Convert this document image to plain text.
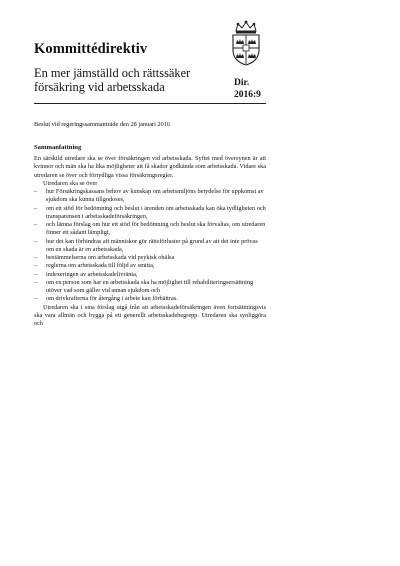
Kommittédirektiv
En mer jämställd och rättssäker försäkring vid arbetsskada	Dir.
2016:9
Beslut vid regeringssammanträde den 28 januari 2016
Sammanfattning

En särskild utredare ska se över försäkringen vid arbetsskada. Syftet med översynen är att kvinnor och män ska ha lika möjligheter att få skador godkända som arbetsskada. Vidare ska utredaren se över och förtydliga vissa försäkringsregler.

Utredaren ska se över

– hur Försäkringskassans behov av kunskap om arbetsmiljöns betydelse för uppkomst av sjukdom ska kunna tillgodoses,
– om ett stöd för bedömning och beslut i ärenden om arbetsskada kan öka tydligheten och transparensen i arbetsskadeförsäkringen,
– och lämna förslag om hur ett stöd för bedömning och beslut ska förvaltas, om utredaren finner ett sådant lämpligt,
– hur det kan förhindras att människor gör rättsförluster på grund av att det inte prövas om en skada är en arbetsskada,
– bestämmelserna om arbetsskada vid psykisk ohälsa
– reglerna om arbetsskada till följd av smitta,
– indexeringen av arbetsskadelivräntа,
– om en person som har en arbetsskada ska ha möjlighet till rehabiliteringsersättning utöver vad som gäller vid annan sjukdom och
– om drivkrafterna för återgång i arbete kan förbättras.

Utredaren ska i sina förslag utgå från att arbetsskadeförsäkringen även fortsättningsvis ska vara allmän och bygga på ett generellt arbetsskadebegrepp. Utredaren ska synliggöra och
